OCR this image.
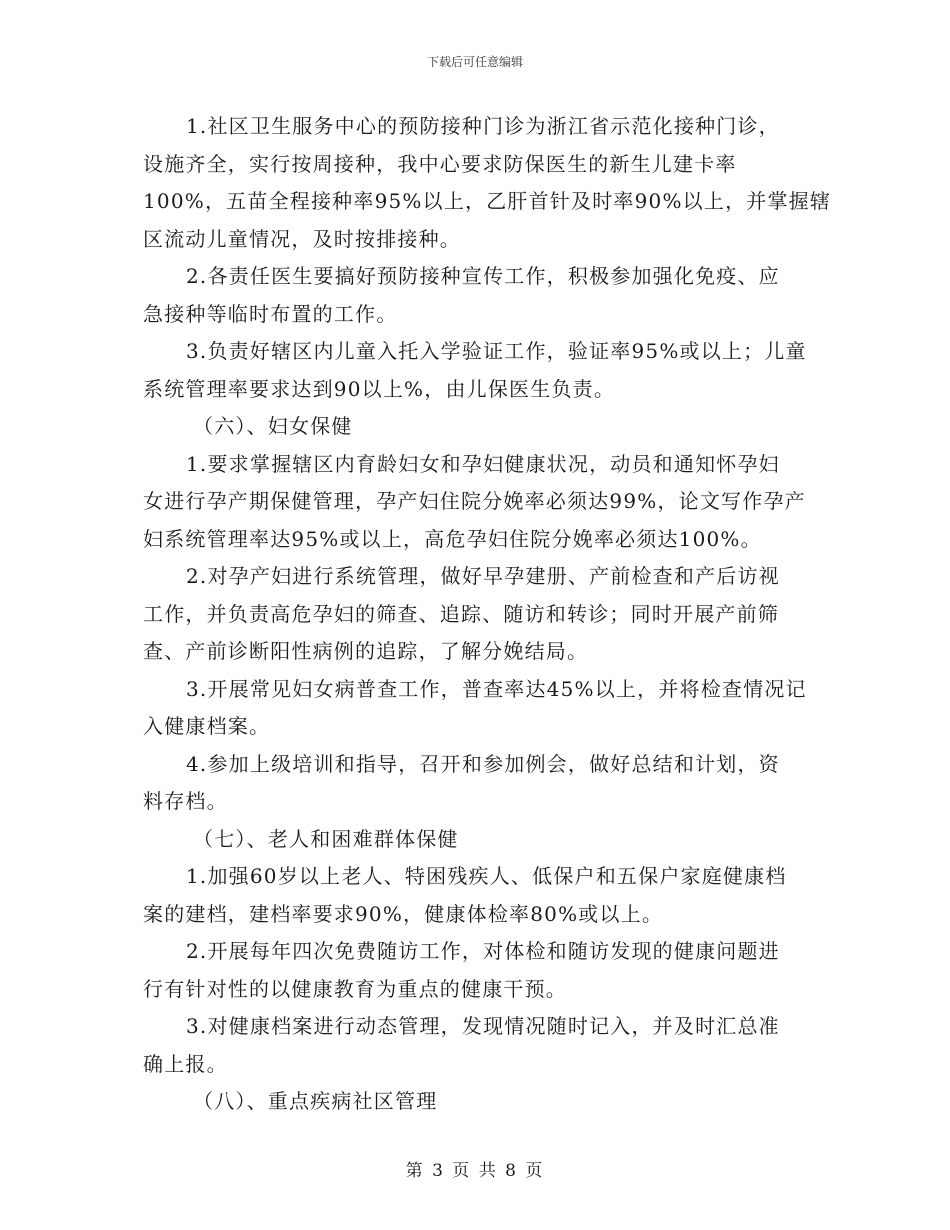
下载后可任意编辑
1.社区卫生服务中心的预防接种门诊为浙江省示范化接种门诊，
设施齐全，实行按周接种，我中心要求防保医生的新生儿建卡率
100%，五苗全程接种率95%以上，乙肝首针及时率90%以上，并掌握辖
区流动儿童情况，及时按排接种。
2.各责任医生要搞好预防接种宣传工作，积极参加强化免疫、应
急接种等临时布置的工作。
3.负责好辖区内儿童入托入学验证工作，验证率95%或以上；儿童
系统管理率要求达到90以上%，由儿保医生负责。
（六）、妇女保健
1.要求掌握辖区内育龄妇女和孕妇健康状况，动员和通知怀孕妇
女进行孕产期保健管理，孕产妇住院分娩率必须达99%，论文写作孕产
妇系统管理率达95%或以上，高危孕妇住院分娩率必须达100%。
2.对孕产妇进行系统管理，做好早孕建册、产前检查和产后访视
工作，并负责高危孕妇的筛查、追踪、随访和转诊；同时开展产前筛
查、产前诊断阳性病例的追踪，了解分娩结局。
3.开展常见妇女病普查工作，普查率达45%以上，并将检查情况记
入健康档案。
4.参加上级培训和指导，召开和参加例会，做好总结和计划，资
料存档。
（七）、老人和困难群体保健
1.加强60岁以上老人、特困残疾人、低保户和五保户家庭健康档
案的建档，建档率要求90%，健康体检率80%或以上。
2.开展每年四次免费随访工作，对体检和随访发现的健康问题进
行有针对性的以健康教育为重点的健康干预。
3.对健康档案进行动态管理，发现情况随时记入，并及时汇总准
确上报。
（八）、重点疾病社区管理
第 3 页 共 8 页
